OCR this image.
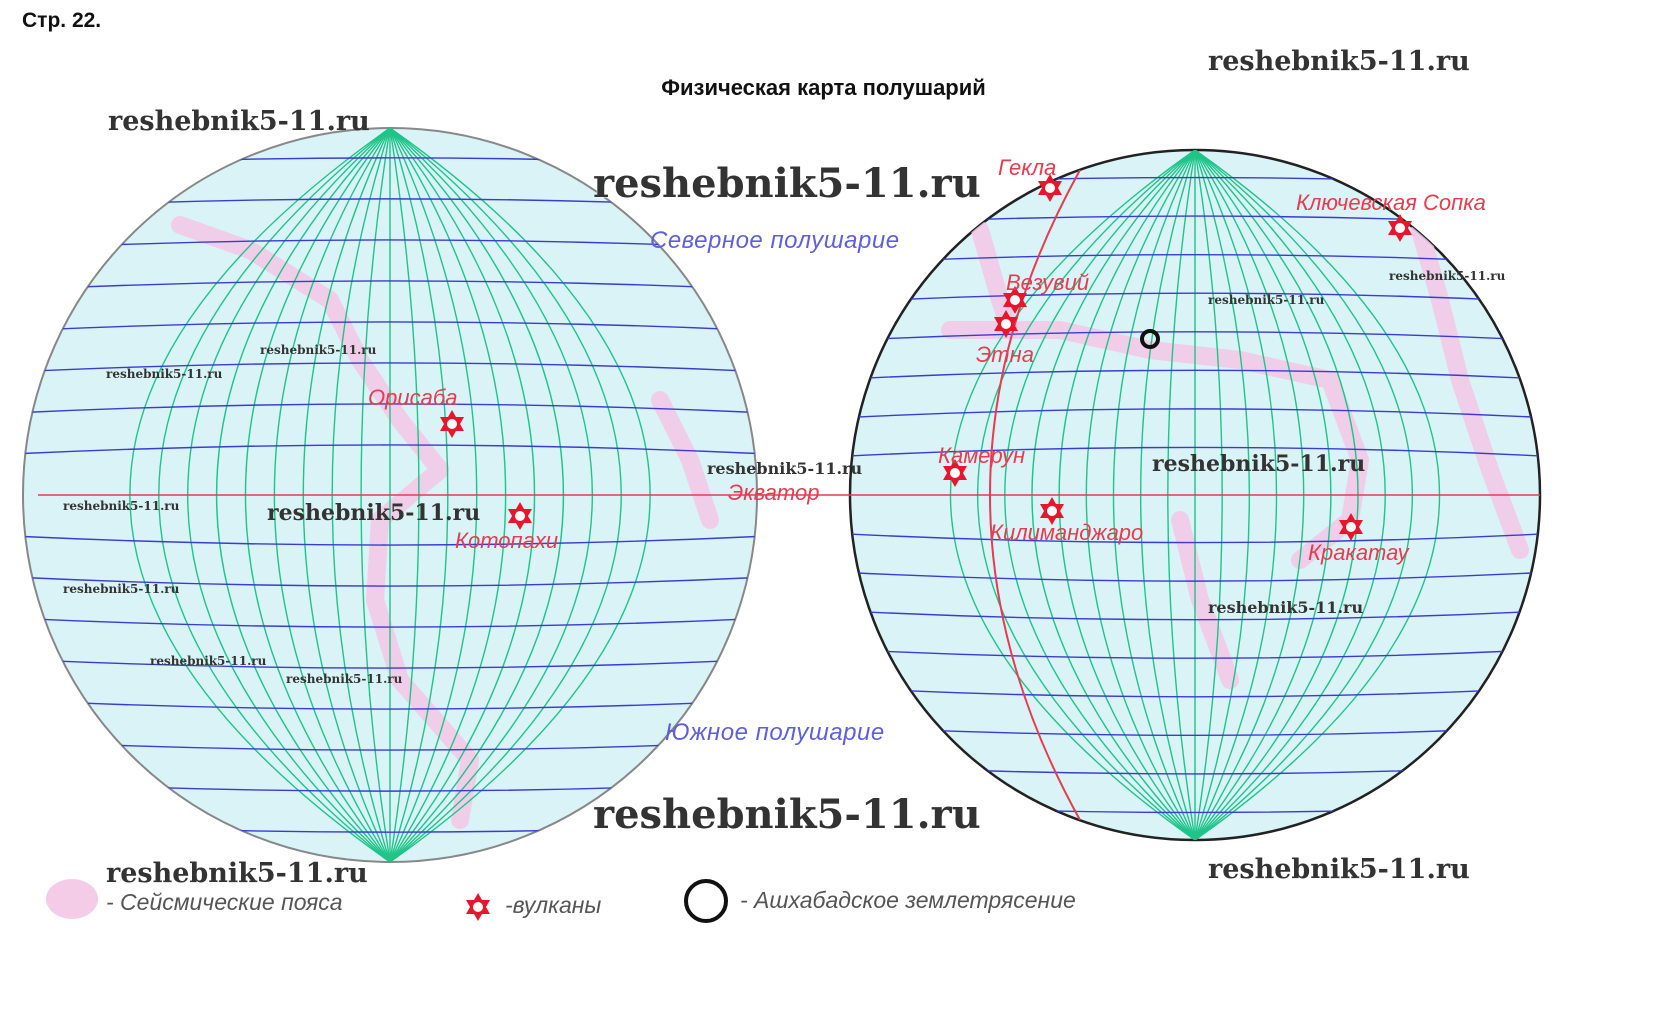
Стр. 22.
Физическая карта полушарий
Северное полушарие
Южное полушарие
Экватор
Орисаба
Котопахи
Гекла
Ключевская Сопка
Везувий
Этна
Камерун
Килиманджаро
Кракатау
reshebnik5-11.ru
reshebnik5-11.ru
reshebnik5-11.ru
reshebnik5-11.ru
reshebnik5-11.ru	reshebnik5-11.ru
reshebnik5-11.ru
reshebnik5-11.ru
reshebnik5-11.ru
reshebnik5-11.ru
reshebnik5-11.ru
reshebnik5-11.ru
reshebnik5-11.ru
reshebnik5-11.ru
reshebnik5-11.ru
reshebnik5-11.ru
reshebnik5-11.ru
reshebnik5-11.ru
- Сейсмические пояса	-вулканы	- Ашхабадское землетрясение
